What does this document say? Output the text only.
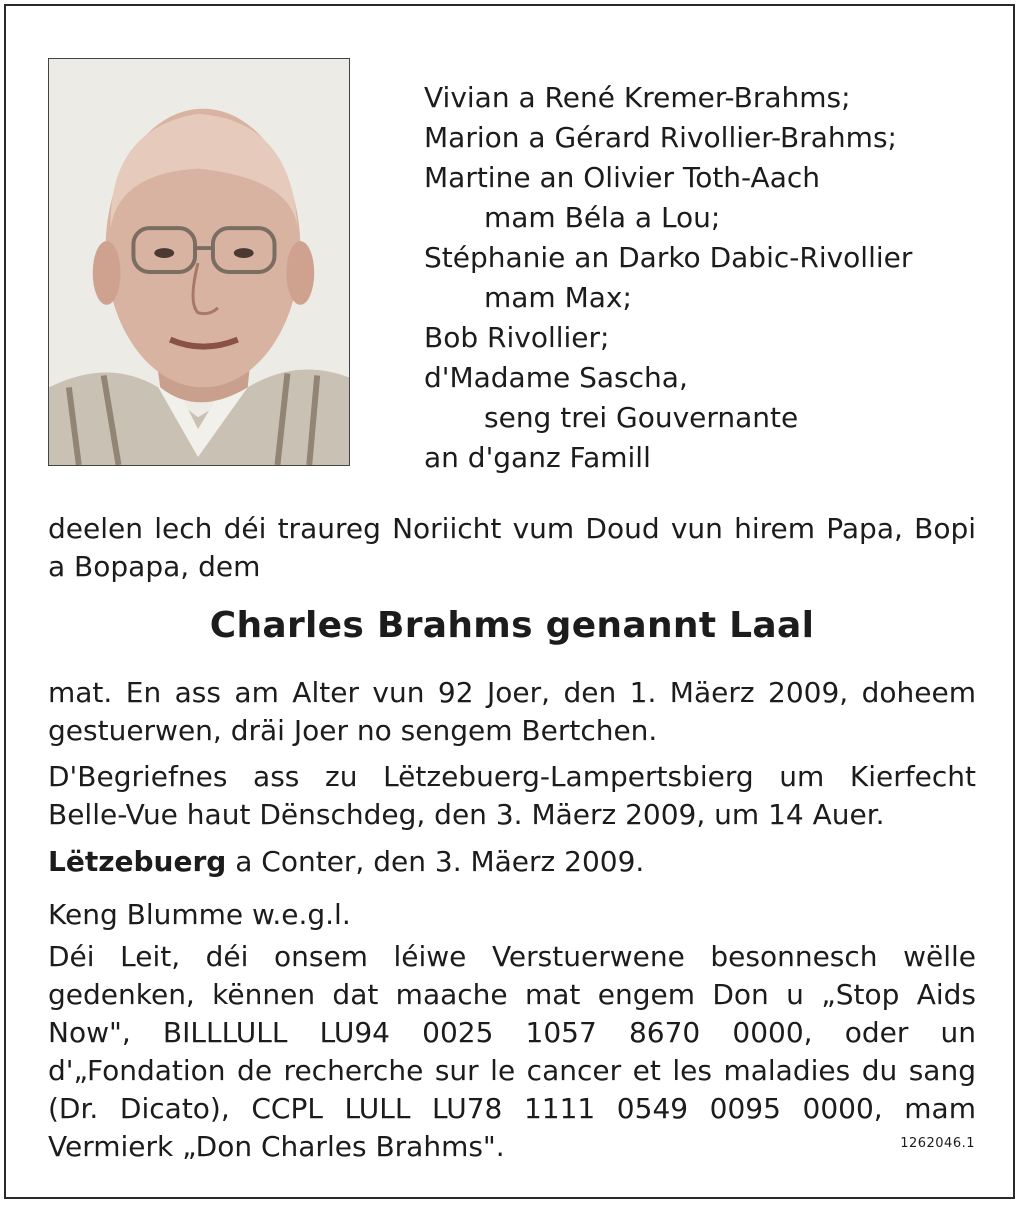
Vivian a René Kremer-Brahms;
Marion a Gérard Rivollier-Brahms;
Martine an Olivier Toth-Aach
mam Béla a Lou;
Stéphanie an Darko Dabic-Rivollier
mam Max;
Bob Rivollier;
d'Madame Sascha,
seng trei Gouvernante
an d'ganz Famill
deelen lech déi traureg Noriicht vum Doud vun hirem Papa, Bopi a Bopapa, dem
Charles Brahms genannt Laal
mat. En ass am Alter vun 92 Joer, den 1. Mäerz 2009, doheem gestuerwen, dräi Joer no sengem Bertchen.
D'Begriefnes ass zu Lëtzebuerg-Lampertsbierg um Kierfecht Belle-Vue haut Dënschdeg, den 3. Mäerz 2009, um 14 Auer.
Lëtzebuerg a Conter, den 3. Mäerz 2009.
Keng Blumme w.e.g.l.
Déi Leit, déi onsem léiwe Verstuerwene besonnesch wëlle gedenken, kënnen dat maache mat engem Don u „Stop Aids Now", BILLLULL LU94 0025 1057 8670 0000, oder un d'„Fondation de recherche sur le cancer et les maladies du sang (Dr. Dicato), CCPL LULL LU78 1111 0549 0095 0000, mam Vermierk „Don Charles Brahms".	1262046.1
